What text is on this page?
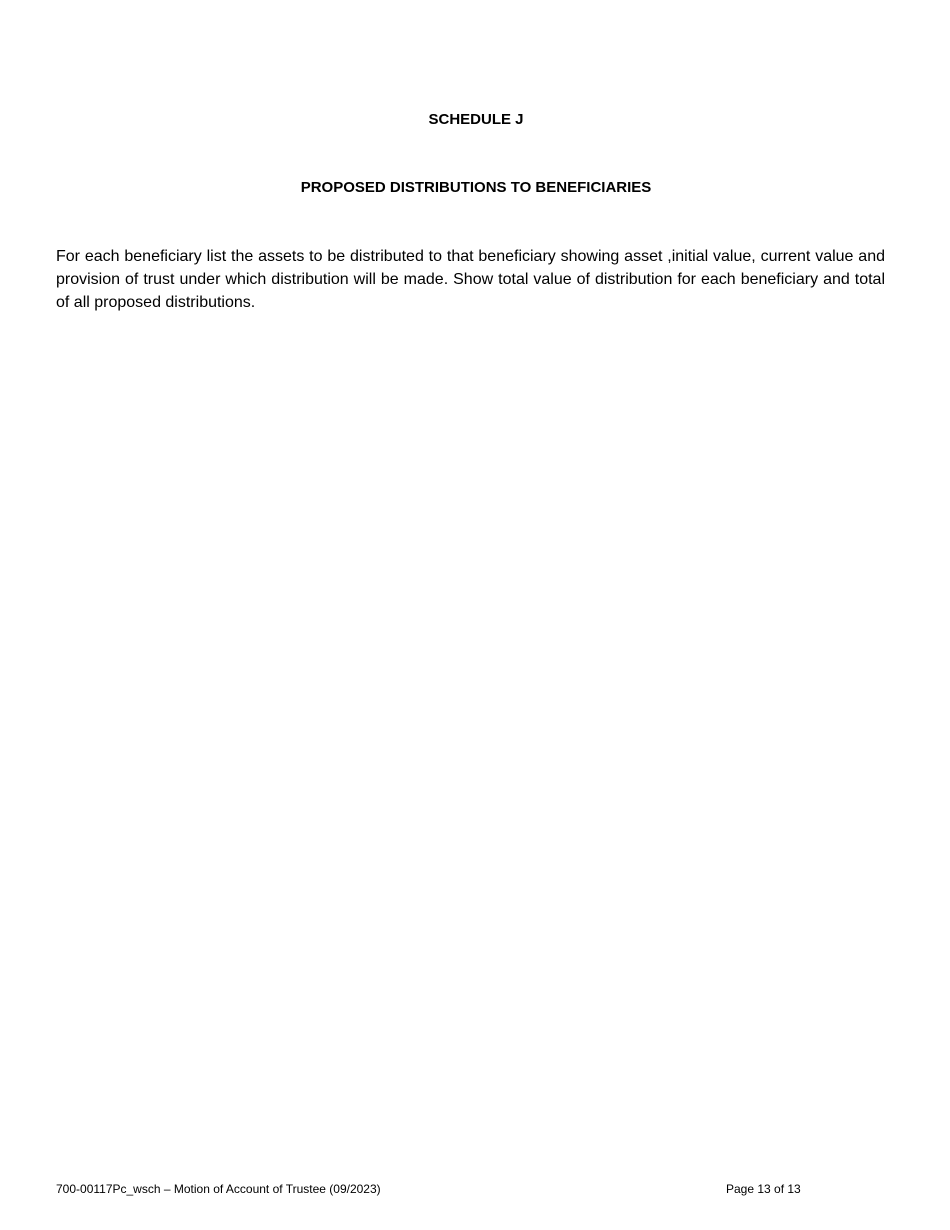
SCHEDULE J
PROPOSED DISTRIBUTIONS TO BENEFICIARIES

For each beneficiary list the assets to be distributed to that beneficiary showing asset ,initial value, current value and provision of trust under which distribution will be made. Show total value of distribution for each beneficiary and total of all proposed distributions.

700-00117Pc_wsch – Motion of Account of Trustee (09/2023)	Page 13 of 13
